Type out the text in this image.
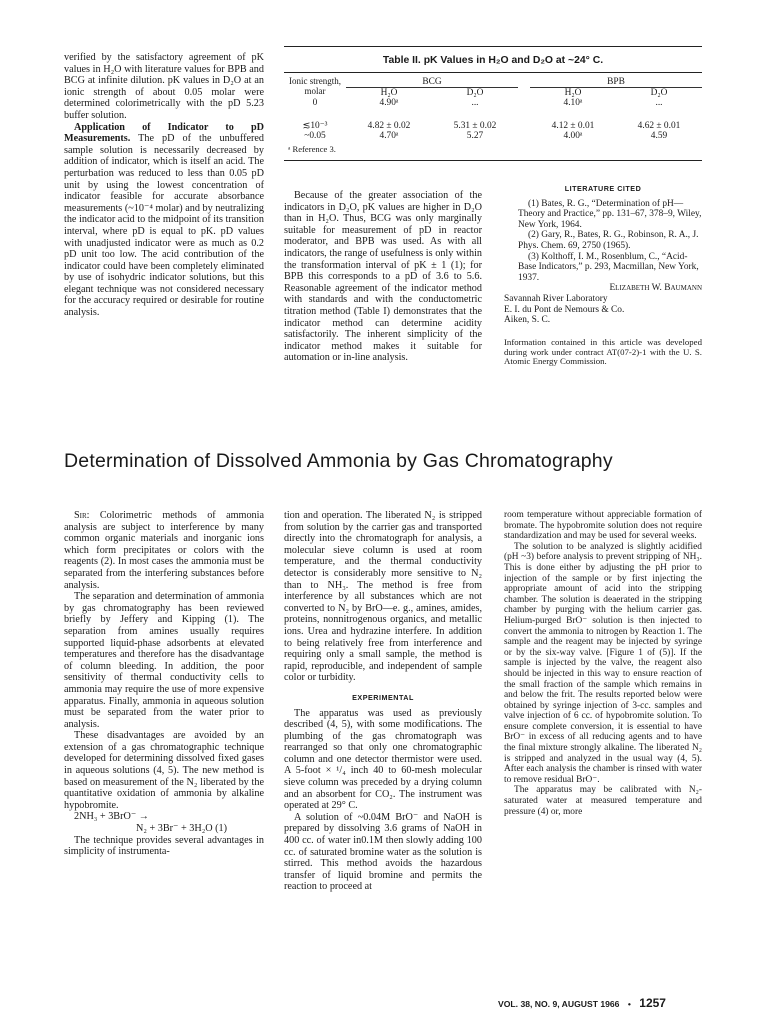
verified by the satisfactory agreement of pK values in H₂O with literature values for BPB and BCG at infinite dilution. pK values in D₂O at an ionic strength of about 0.05 molar were determined colorimetrically with the pD 5.23 buffer solution.

Application of Indicator to pD Measurements. The pD of the unbuffered sample solution is necessarily decreased by addition of indicator, which is itself an acid. The perturbation was reduced to less than 0.05 pD unit by using the lowest concentration of indicator feasible for accurate absorbance measurements (~10⁻⁴ molar) and by neutralizing the indicator acid to the midpoint of its transition interval, where pD is equal to pK. pD values with unadjusted indicator were as much as 0.2 pD unit too low. The acid contribution of the indicator could have been completely eliminated by use of isohydric indicator solutions, but this elegant technique was not considered necessary for the accuracy required or desirable for routine analysis.

Table II. pK Values in H₂O and D₂O at ~24° C.
Ionic strength, molar	BCG			BPB	
	H₂O	D₂O		H₂O	D₂O
0	4.90ᵃ	...		4.10ᵃ	...
≲10⁻³	4.82 ± 0.02	5.31 ± 0.02		4.12 ± 0.01	4.62 ± 0.01
~0.05	4.70ᵃ	5.27		4.00ᵃ	4.59
ᵃ Reference 3.

Because of the greater association of the indicators in D₂O, pK values are higher in D₂O than in H₂O. Thus, BCG was only marginally suitable for measurement of pD in reactor moderator, and BPB was used. As with all indicators, the range of usefulness is only within the transformation interval of pK ± 1 (1); for BPB this corresponds to a pD of 3.6 to 5.6. Reasonable agreement of the indicator method with standards and with the conductometric titration method (Table I) demonstrates that the indicator method can determine acidity satisfactorily. The inherent simplicity of the indicator method makes it suitable for automation or in-line analysis.

LITERATURE CITED

(1) Bates, R. G., “Determination of pH—Theory and Practice,” pp. 131–67, 378–9, Wiley, New York, 1964.

(2) Gary, R., Bates, R. G., Robinson, R. A., J. Phys. Chem. 69, 2750 (1965).

(3) Kolthoff, I. M., Rosenblum, C., “Acid-Base Indicators,” p. 293, Macmillan, New York, 1937.

Elizabeth W. Baumann

Savannah River Laboratory

E. I. du Pont de Nemours & Co.

Aiken, S. C.

Information contained in this article was developed during work under contract AT(07-2)-1 with the U. S. Atomic Energy Commission.

Determination of Dissolved Ammonia by Gas Chromatography

Sir: Colorimetric methods of ammonia analysis are subject to interference by many common organic materials and inorganic ions which form precipitates or colors with the reagents (2). In most cases the ammonia must be separated from the interfering substances before analysis.

The separation and determination of ammonia by gas chromatography has been reviewed briefly by Jeffery and Kipping (1). The separation from amines usually requires supported liquid-phase adsorbents at elevated temperatures and therefore has the disadvantage of column bleeding. In addition, the poor sensitivity of thermal conductivity cells to ammonia may require the use of more expensive apparatus. Finally, ammonia in aqueous solution must be separated from the water prior to analysis.

These disadvantages are avoided by an extension of a gas chromatographic technique developed for determining dissolved fixed gases in aqueous solutions (4, 5). The new method is based on measurement of the N₂ liberated by the quantitative oxidation of ammonia by alkaline hypobromite.

2NH₃ + 3BrO⁻ →

N₂ + 3Br⁻ + 3H₂O (1)

The technique provides several advantages in simplicity of instrumenta-

tion and operation. The liberated N₂ is stripped from solution by the carrier gas and transported directly into the chromatograph for analysis, a molecular sieve column is used at room temperature, and the thermal conductivity detector is considerably more sensitive to N₂ than to NH₃. The method is free from interference by all substances which are not converted to N₂ by BrO—e. g., amines, amides, proteins, nonnitrogenous organics, and metallic ions. Urea and hydrazine interfere. In addition to being relatively free from interference and requiring only a small sample, the method is rapid, reproducible, and independent of sample color or turbidity.

EXPERIMENTAL

The apparatus was used as previously described (4, 5), with some modifications. The plumbing of the gas chromatograph was rearranged so that only one chromatographic column and one detector thermistor were used. A 5-foot × ¹/₄ inch 40 to 60-mesh molecular sieve column was preceded by a drying column and an absorbent for CO₂. The instrument was operated at 29° C.

A solution of ~0.04M BrO⁻ and NaOH is prepared by dissolving 3.6 grams of NaOH in 400 cc. of water in0.1M then slowly adding 100 cc. of saturated bromine water as the solution is stirred. This method avoids the hazardous transfer of liquid bromine and permits the reaction to proceed at

room temperature without appreciable formation of bromate. The hypobromite solution does not require standardization and may be used for several weeks.

The solution to be analyzed is slightly acidified (pH ~3) before analysis to prevent stripping of NH₃. This is done either by adjusting the pH prior to injection of the sample or by first injecting the appropriate amount of acid into the stripping chamber. The solution is deaerated in the stripping chamber by purging with the helium carrier gas. Helium-purged BrO⁻ solution is then injected to convert the ammonia to nitrogen by Reaction 1. The sample and the reagent may be injected by syringe or by the six-way valve. [Figure 1 of (5)]. If the sample is injected by the valve, the reagent also should be injected in this way to ensure reaction of the small fraction of the sample which remains in and below the frit. The results reported below were obtained by syringe injection of 3-cc. samples and valve injection of 6 cc. of hypobromite solution. To ensure complete conversion, it is essential to have BrO⁻ in excess of all reducing agents and to have the final mixture strongly alkaline. The liberated N₂ is stripped and analyzed in the usual way (4, 5). After each analysis the chamber is rinsed with water to remove residual BrO⁻.

The apparatus may be calibrated with N₂-saturated water at measured temperature and pressure (4) or, more

VOL. 38, NO. 9, AUGUST 1966 • 1257
